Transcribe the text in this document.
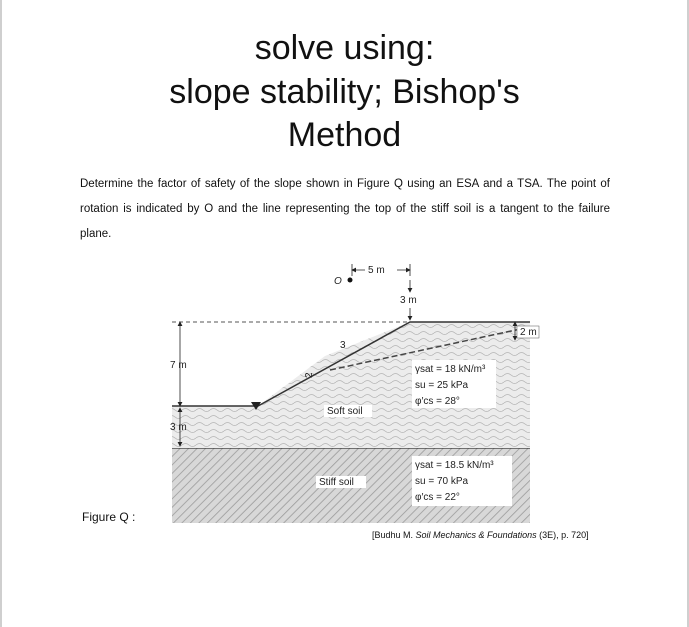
solve using:
slope stability; Bishop's
Method
Determine the factor of safety of the slope shown in Figure Q using an ESA and a TSA. The point of rotation is indicated by O and the line representing the top of the stiff soil is a tangent to the failure plane.
7 m
3 m
2
3
O
5 m
3 m
2 m
Soft soil
γsat = 18 kN/m³
su = 25 kPa
φ′cs = 28°
Stiff soil
γsat = 18.5 kN/m³
su = 70 kPa
φ′cs = 22°
Figure Q :
[Budhu M. Soil Mechanics & Foundations (3E), p. 720]
